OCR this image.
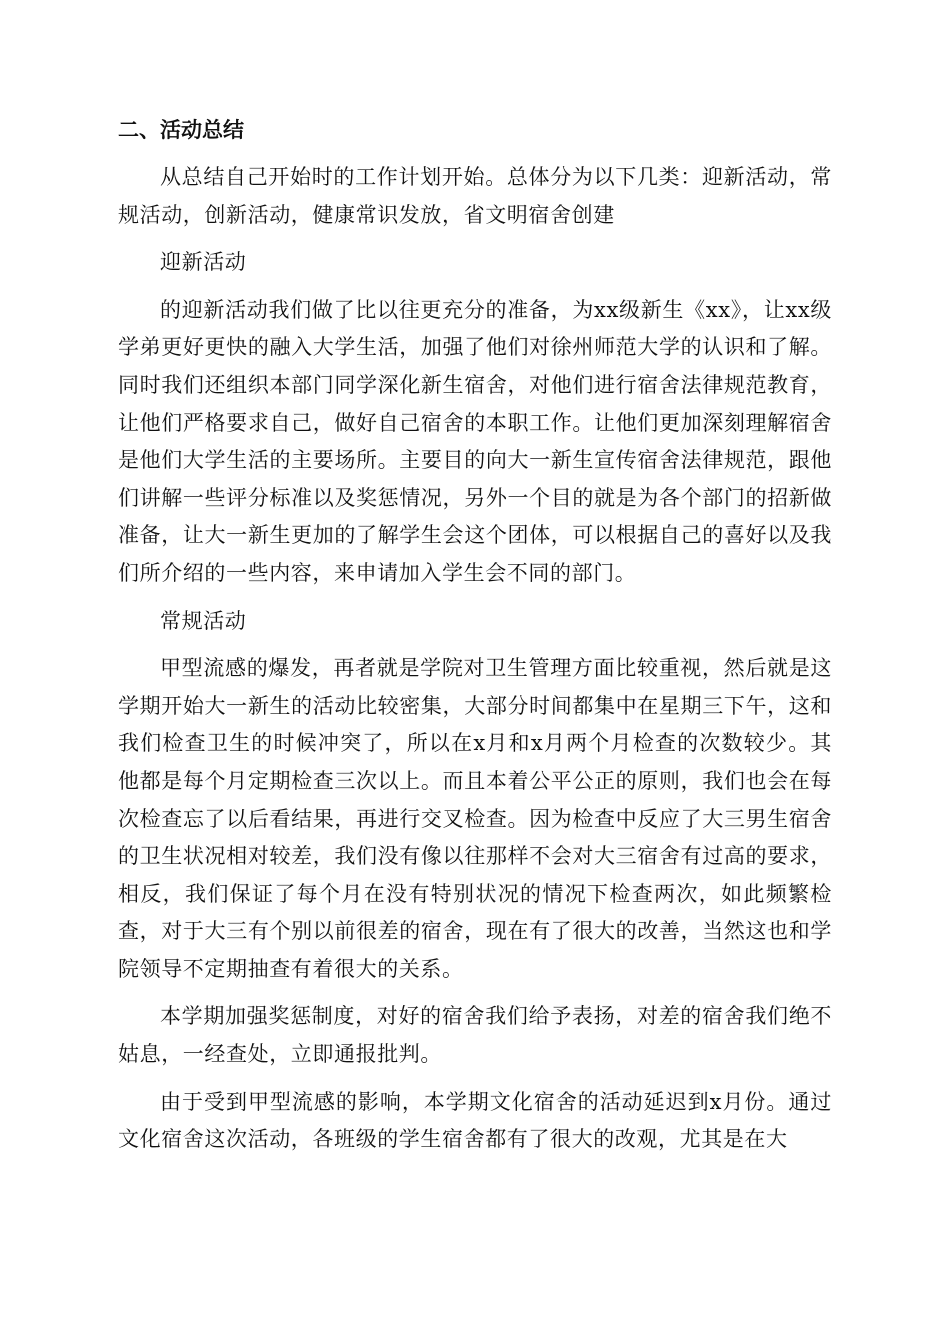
二、活动总结

从总结自己开始时的工作计划开始。总体分为以下几类：迎新活动，常规活动，创新活动，健康常识发放，省文明宿舍创建

迎新活动

的迎新活动我们做了比以往更充分的准备，为xx级新生《xx》，让xx级学弟更好更快的融入大学生活，加强了他们对徐州师范大学的认识和了解。同时我们还组织本部门同学深化新生宿舍，对他们进行宿舍法律规范教育，让他们严格要求自己，做好自己宿舍的本职工作。让他们更加深刻理解宿舍是他们大学生活的主要场所。主要目的向大一新生宣传宿舍法律规范，跟他们讲解一些评分标准以及奖惩情况，另外一个目的就是为各个部门的招新做准备，让大一新生更加的了解学生会这个团体，可以根据自己的喜好以及我们所介绍的一些内容，来申请加入学生会不同的部门。

常规活动

甲型流感的爆发，再者就是学院对卫生管理方面比较重视，然后就是这学期开始大一新生的活动比较密集，大部分时间都集中在星期三下午，这和我们检查卫生的时候冲突了，所以在x月和x月两个月检查的次数较少。其他都是每个月定期检查三次以上。而且本着公平公正的原则，我们也会在每次检查忘了以后看结果，再进行交叉检查。因为检查中反应了大三男生宿舍的卫生状况相对较差，我们没有像以往那样不会对大三宿舍有过高的要求，相反，我们保证了每个月在没有特别状况的情况下检查两次，如此频繁检查，对于大三有个别以前很差的宿舍，现在有了很大的改善，当然这也和学院领导不定期抽查有着很大的关系。

本学期加强奖惩制度，对好的宿舍我们给予表扬，对差的宿舍我们绝不姑息，一经查处，立即通报批判。

由于受到甲型流感的影响，本学期文化宿舍的活动延迟到x月份。通过文化宿舍这次活动，各班级的学生宿舍都有了很大的改观，尤其是在大
